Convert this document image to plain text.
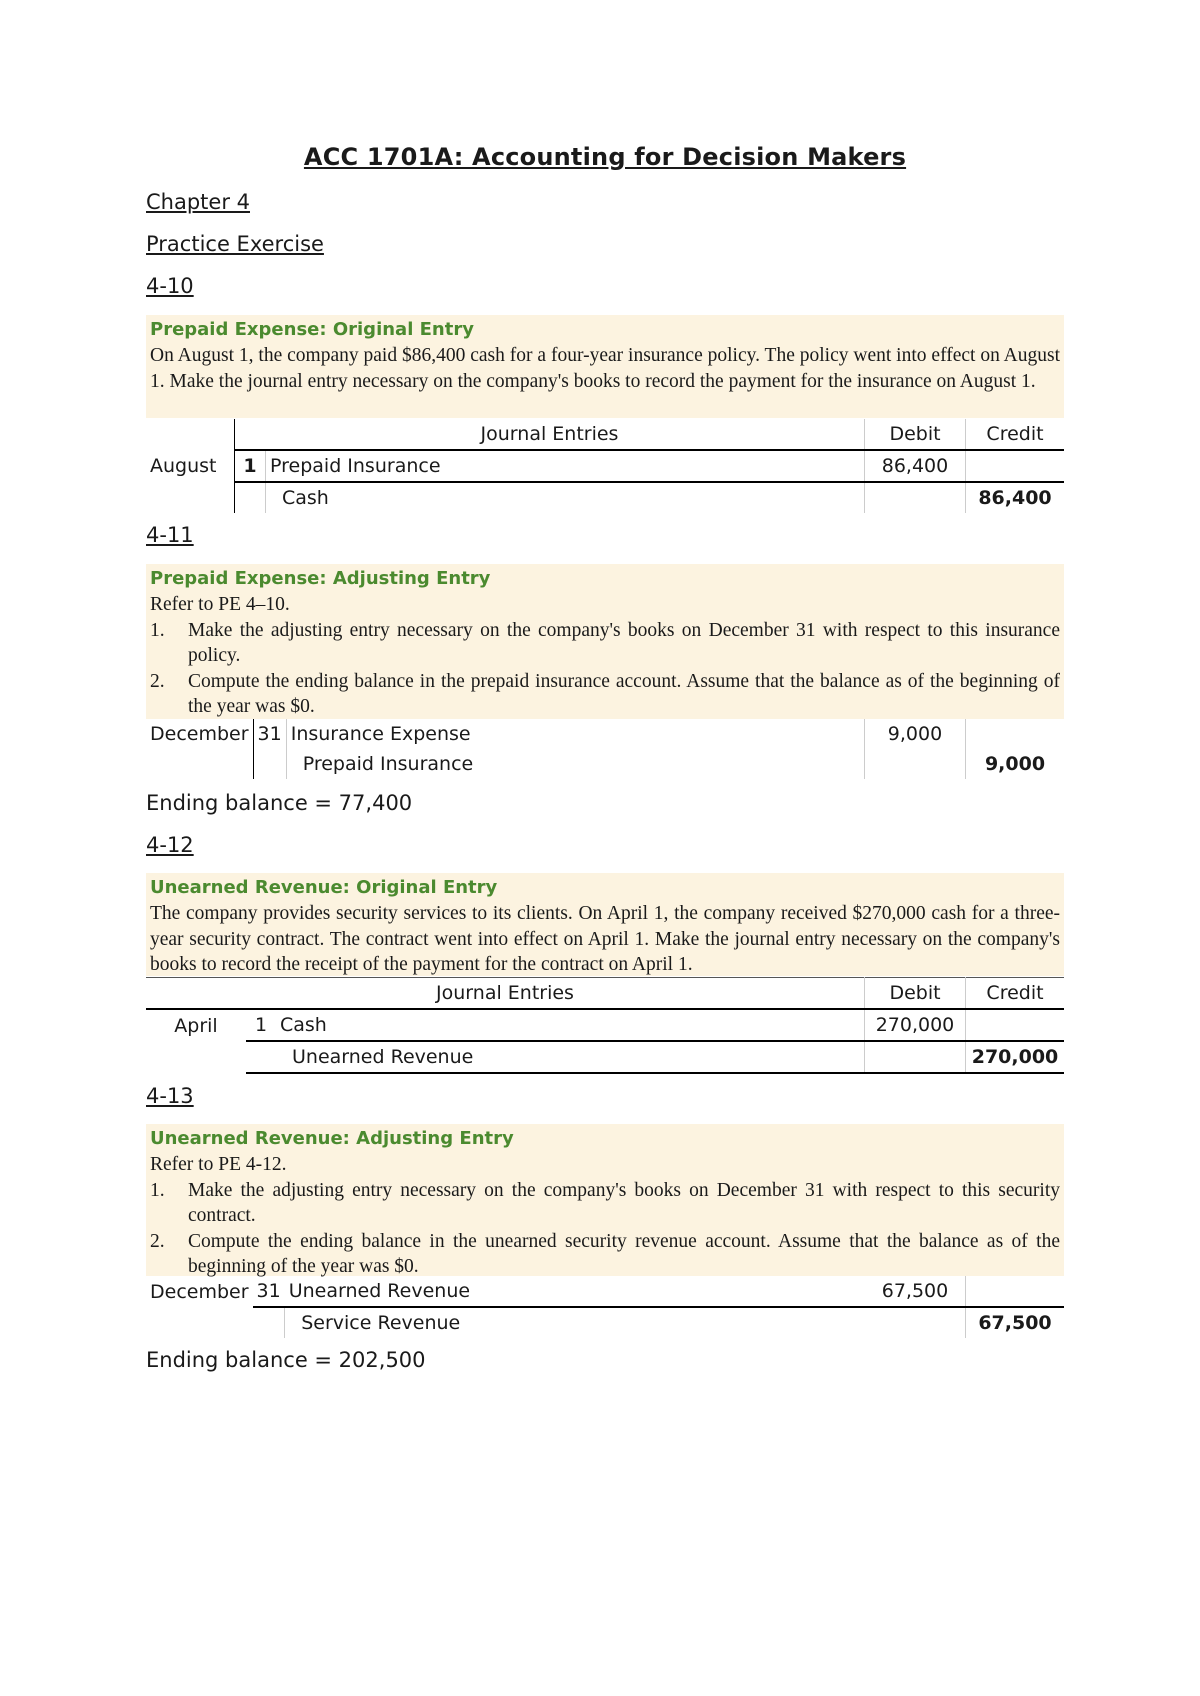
ACC 1701A: Accounting for Decision Makers
Chapter 4
Practice Exercise
4-10
Prepaid Expense: Original Entry
On August 1, the company paid $86,400 cash for a four-year insurance policy. The policy went into effect on August 1. Make the journal entry necessary on the company's books to record the payment for the insurance on August 1.
	Journal Entries		Debit	Credit
August	1	Prepaid Insurance	86,400	
		Cash		86,400
4-11
Prepaid Expense: Adjusting Entry
Refer to PE 4–10.
1. Make the adjusting entry necessary on the company's books on December 31 with respect to this insurance policy.
2. Compute the ending balance in the prepaid insurance account. Assume that the balance as of the beginning of the year was $0.
December	31	Insurance Expense	9,000	
		Prepaid Insurance		9,000
Ending balance = 77,400
4-12
Unearned Revenue: Original Entry
The company provides security services to its clients. On April 1, the company received $270,000 cash for a three-year security contract. The contract went into effect on April 1. Make the journal entry necessary on the company's books to record the receipt of the payment for the contract on April 1.
Journal Entries			Debit	Credit
April	1	Cash	270,000	
		Unearned Revenue		270,000
4-13
Unearned Revenue: Adjusting Entry
Refer to PE 4-12.
1. Make the adjusting entry necessary on the company's books on December 31 with respect to this security contract.
2. Compute the ending balance in the unearned security revenue account. Assume that the balance as of the beginning of the year was $0.
December	31	Unearned Revenue	67,500	
		Service Revenue		67,500
Ending balance = 202,500
